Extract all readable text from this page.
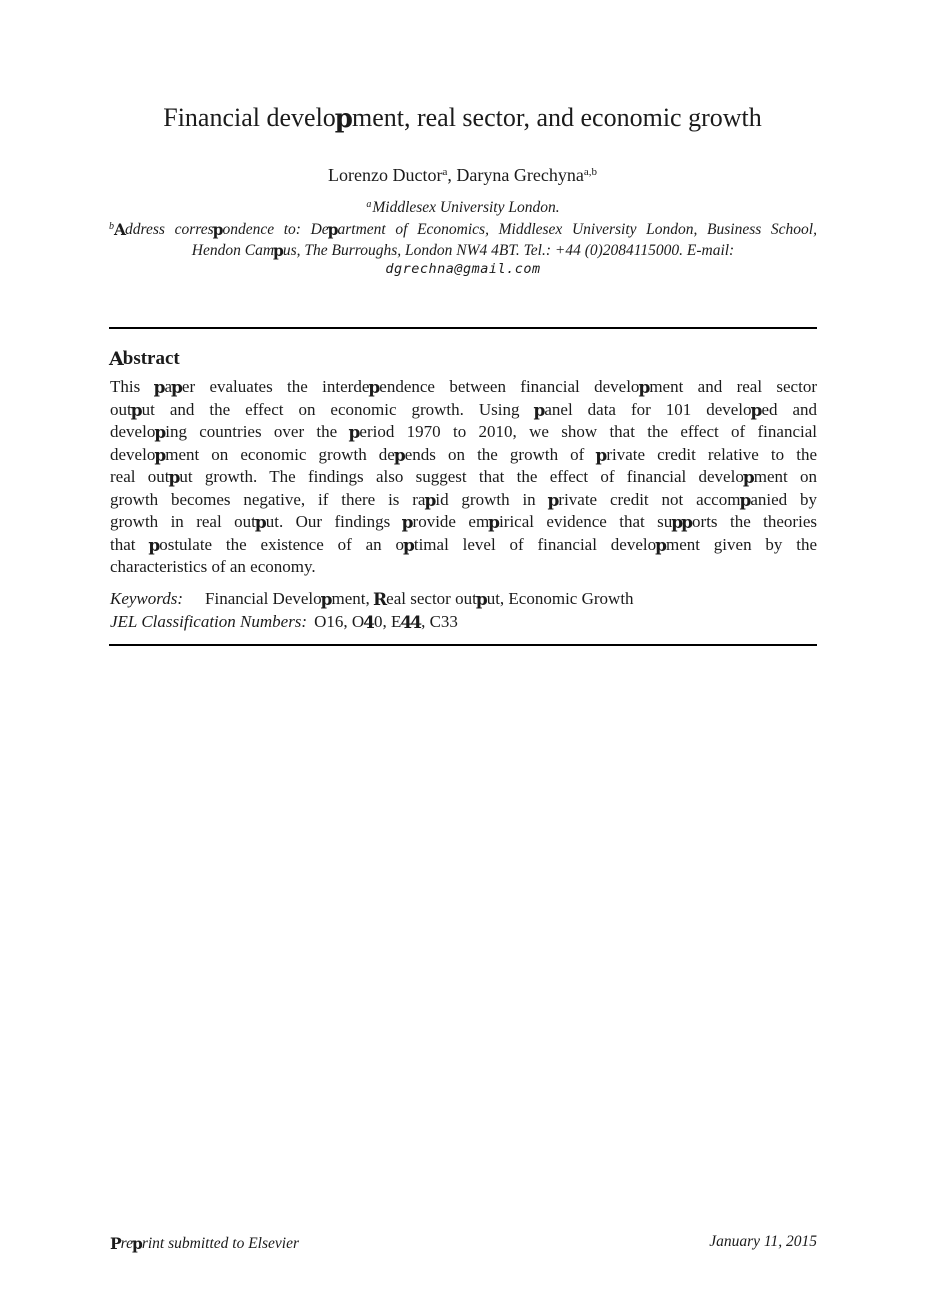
Financial development, real sector, and economic growth
Lorenzo Ductor$^a$, Daryna Grechyna$^{a,b}$
$^a$Middlesex University London.
$^b$Address correspondence to: Department of Economics, Middlesex University London, Business School,
Hendon Campus, The Burroughs, London NW4 4BT. Tel.: +44 (0)2084115000. E-mail:
dgrechna@gmail.com
Abstract
This paper evaluates the interdependence between financial development and real sector
output and the effect on economic growth. Using panel data for 101 developed and
developing countries over the period 1970 to 2010, we show that the effect of financial
development on economic growth depends on the growth of private credit relative to the
real output growth. The findings also suggest that the effect of financial development on
growth becomes negative, if there is rapid growth in private credit not accompanied by
growth in real output. Our findings provide empirical evidence that supports the theories
that postulate the existence of an optimal level of financial development given by the
characteristics of an economy.
Keywords: Financial Development, Real sector output, Economic Growth
JEL Classification Numbers: O16, O40, E44, C33
Preprint submitted to Elsevier	January 11, 2015
